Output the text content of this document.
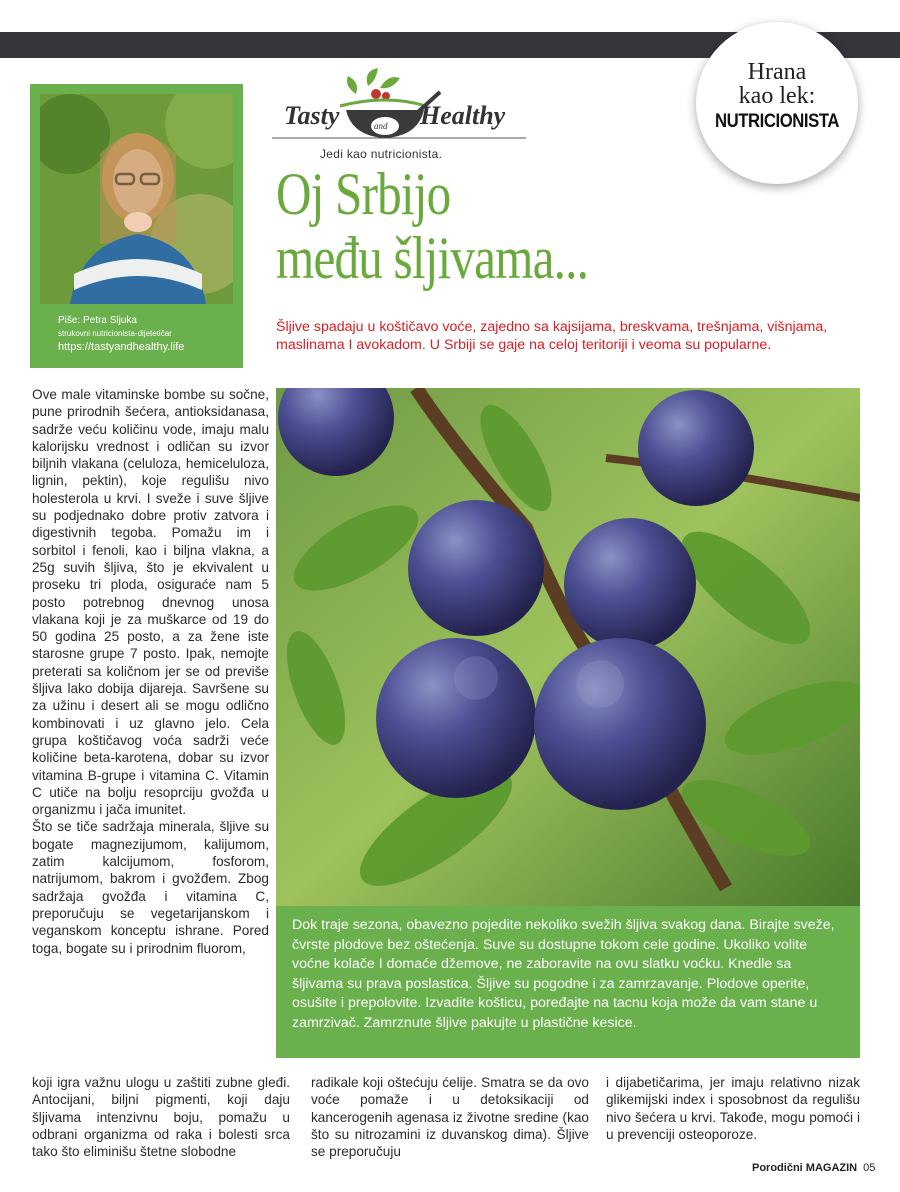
Hrana
kao lek:
NUTRICIONISTA
Piše: Petra Sljuka
strukovni nutricionista-dijetetičar
https://tastyandhealthy.life
Tasty	and Healthy
Jedi kao nutricionista.
Oj Srbijo
među šljivama...
Šljive spadaju u koštičavo voće, zajedno sa kajsijama, breskvama, trešnjama, višnjama, maslinama I avokadom. U Srbiji se gaje na celoj teritoriji i veoma su popularne.
Dok traje sezona, obavezno pojedite nekoliko svežih šljiva svakog dana. Birajte sveže, čvrste plodove bez oštećenja. Suve su dostupne tokom cele godine. Ukoliko volite voćne kolače I domaće džemove, ne zaboravite na ovu slatku voćku. Knedle sa šljivama su prava poslastica. Šljive su pogodne i za zamrzavanje. Plodove operite, osušite i prepolovite. Izvadite košticu, poređajte na tacnu koja može da vam stane u zamrzivač. Zamrznute šljive pakujte u plastične kesice.

Ove male vitaminske bombe su sočne, pune prirodnih šećera, antioksidanasa, sadrže veću količinu vode, imaju malu kalorijsku vrednost i odličan su izvor biljnih vlakana (celuloza, hemiceluloza, lignin, pektin), koje regulišu nivo holesterola u krvi. I sveže i suve šljive su podjednako dobre protiv zatvora i digestivnih tegoba. Pomažu im i sorbitol i fenoli, kao i biljna vlakna, a 25g suvih šljiva, što je ekvivalent u proseku tri ploda, osiguraće nam 5 posto potrebnog dnevnog unosa vlakana koji je za muškarce od 19 do 50 godina 25 posto, a za žene iste starosne grupe 7 posto. Ipak, nemojte preterati sa količnom jer se od previše šljiva lako dobija dijareja. Savršene su za užinu i desert ali se mogu odlično kombinovati i uz glavno jelo. Cela grupa koštičavog voća sadrži veće količine beta-karotena, dobar su izvor vitamina B-grupe i vitamina C. Vitamin C utiče na bolju resoprciju gvožđa u organizmu i jača imunitet.

Što se tiče sadržaja minerala, šljive su bogate magnezijumom, kalijumom, zatim kalcijumom, fosforom, natrijumom, bakrom i gvožđem. Zbog sadržaja gvožđa i vitamina C, preporučuju se vegetarijanskom i veganskom konceptu ishrane. Pored toga, bogate su i prirodnim fluorom,

koji igra važnu ulogu u zaštiti zubne gleđi. Antocijani, biljni pigmenti, koji daju šljivama intenzivnu boju, pomažu u odbrani organizma od raka i bolesti srca tako što eliminišu štetne slobodne

radikale koji oštećuju ćelije. Smatra se da ovo voće pomaže i u detoksikaciji od kancerogenih agenasa iz životne sredine (kao što su nitrozamini iz duvanskog dima). Šljive se preporučuju

i dijabetičarima, jer imaju relativno nizak glikemijski index i sposobnost da regulišu nivo šećera u krvi. Takođe, mogu pomoći i u prevenciji osteoporoze.

Porodični MAGAZIN 05
